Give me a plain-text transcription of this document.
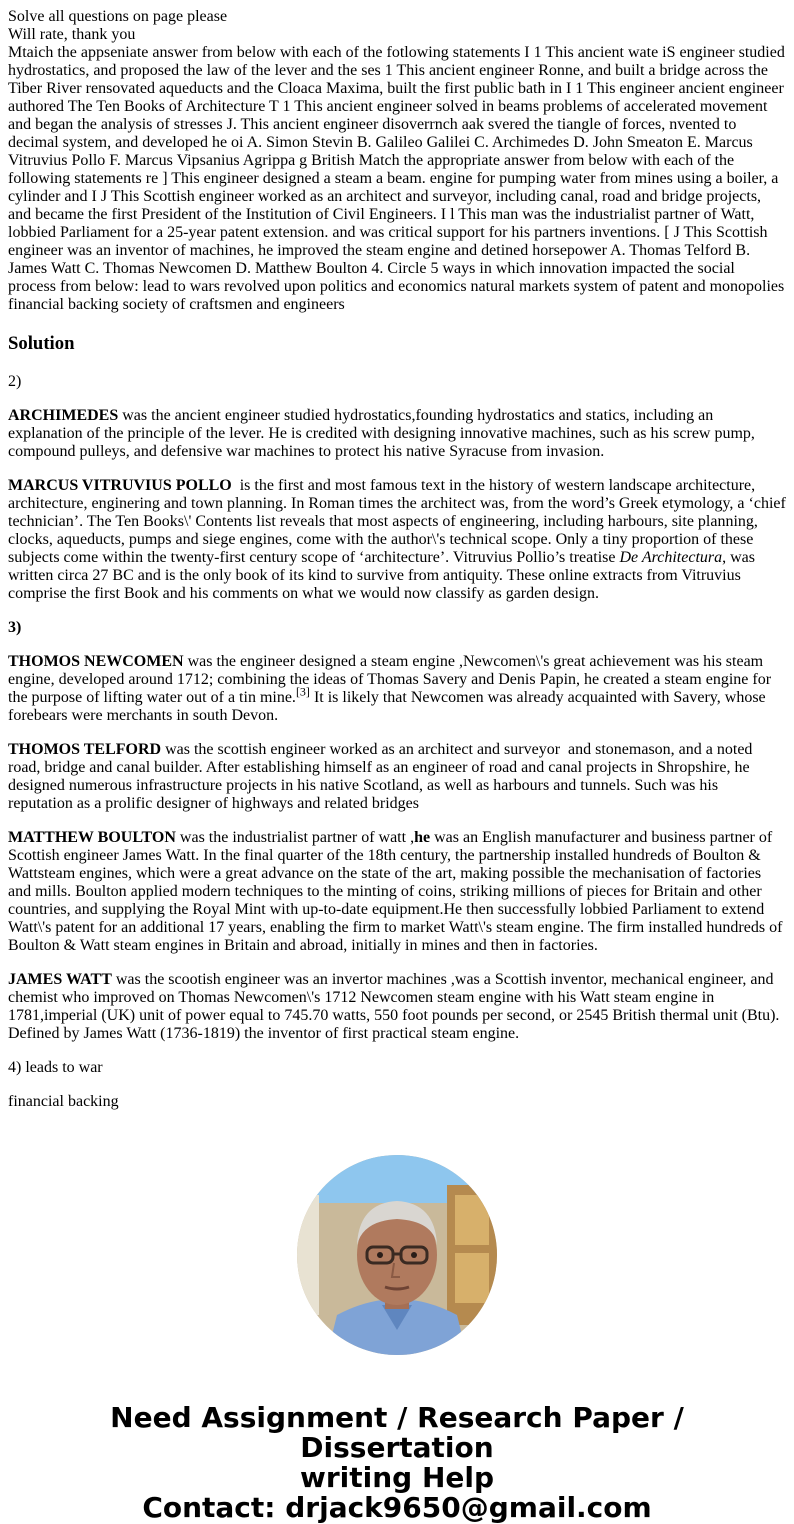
Solve all questions on page please

Will rate, thank you

Mtaich the appseniate answer from below with each of the fotlowing statements I 1 This ancient wate iS engineer studied hydrostatics, and proposed the law of the lever and the ses 1 This ancient engineer Ronne, and built a bridge across the Tiber River rensovated aqueducts and the Cloaca Maxima, built the first public bath in I 1 This engineer ancient engineer authored The Ten Books of Architecture T 1 This ancient engineer solved in beams problems of accelerated movement and began the analysis of stresses J. This ancient engineer disoverrnch aak svered the tiangle of forces, nvented to decimal system, and developed he oi A. Simon Stevin B. Galileo Galilei C. Archimedes D. John Smeaton E. Marcus Vitruvius Pollo F. Marcus Vipsanius Agrippa g British Match the appropriate answer from below with each of the following statements re ] This engineer designed a steam a beam. engine for pumping water from mines using a boiler, a cylinder and I J This Scottish engineer worked as an architect and surveyor, including canal, road and bridge projects, and became the first President of the Institution of Civil Engineers. I l This man was the industrialist partner of Watt, lobbied Parliament for a 25-year patent extension. and was critical support for his partners inventions. [ J This Scottish engineer was an inventor of machines, he improved the steam engine and detined horsepower A. Thomas Telford B. James Watt C. Thomas Newcomen D. Matthew Boulton 4. Circle 5 ways in which innovation impacted the social process from below: lead to wars revolved upon politics and economics natural markets system of patent and monopolies financial backing society of craftsmen and engineers

Solution

2)

ARCHIMEDES was the ancient engineer studied hydrostatics,founding hydrostatics and statics, including an explanation of the principle of the lever. He is credited with designing innovative machines, such as his screw pump, compound pulleys, and defensive war machines to protect his native Syracuse from invasion.

MARCUS VITRUVIUS POLLO  is the first and most famous text in the history of western landscape architecture, architecture, enginering and town planning. In Roman times the architect was, from the word’s Greek etymology, a ‘chief technician’. The Ten Books\' Contents list reveals that most aspects of engineering, including harbours, site planning, clocks, aqueducts, pumps and siege engines, come with the author\'s technical scope. Only a tiny proportion of these subjects come within the twenty-first century scope of ‘architecture’. Vitruvius Pollio’s treatise De Architectura, was written circa 27 BC and is the only book of its kind to survive from antiquity. These online extracts from Vitruvius comprise the first Book and his comments on what we would now classify as garden design.

3)

THOMOS NEWCOMEN was the engineer designed a steam engine ,Newcomen\'s great achievement was his steam engine, developed around 1712; combining the ideas of Thomas Savery and Denis Papin, he created a steam engine for the purpose of lifting water out of a tin mine.[3] It is likely that Newcomen was already acquainted with Savery, whose forebears were merchants in south Devon.

THOMOS TELFORD was the scottish engineer worked as an architect and surveyor  and stonemason, and a noted road, bridge and canal builder. After establishing himself as an engineer of road and canal projects in Shropshire, he designed numerous infrastructure projects in his native Scotland, as well as harbours and tunnels. Such was his reputation as a prolific designer of highways and related bridges

MATTHEW BOULTON was the industrialist partner of watt ,he was an English manufacturer and business partner of Scottish engineer James Watt. In the final quarter of the 18th century, the partnership installed hundreds of Boulton & Wattsteam engines, which were a great advance on the state of the art, making possible the mechanisation of factories and mills. Boulton applied modern techniques to the minting of coins, striking millions of pieces for Britain and other countries, and supplying the Royal Mint with up-to-date equipment.He then successfully lobbied Parliament to extend Watt\'s patent for an additional 17 years, enabling the firm to market Watt\'s steam engine. The firm installed hundreds of Boulton & Watt steam engines in Britain and abroad, initially in mines and then in factories.

JAMES WATT was the scootish engineer was an invertor machines ,was a Scottish inventor, mechanical engineer, and chemist who improved on Thomas Newcomen\'s 1712 Newcomen steam engine with his Watt steam engine in 1781,imperial (UK) unit of power equal to 745.70 watts, 550 foot pounds per second, or 2545 British thermal unit (Btu). Defined by James Watt (1736-1819) the inventor of first practical steam engine.

4) leads to war

financial backing

Need Assignment / Research Paper / Dissertation
writing Help
Contact: drjack9650@gmail.com
